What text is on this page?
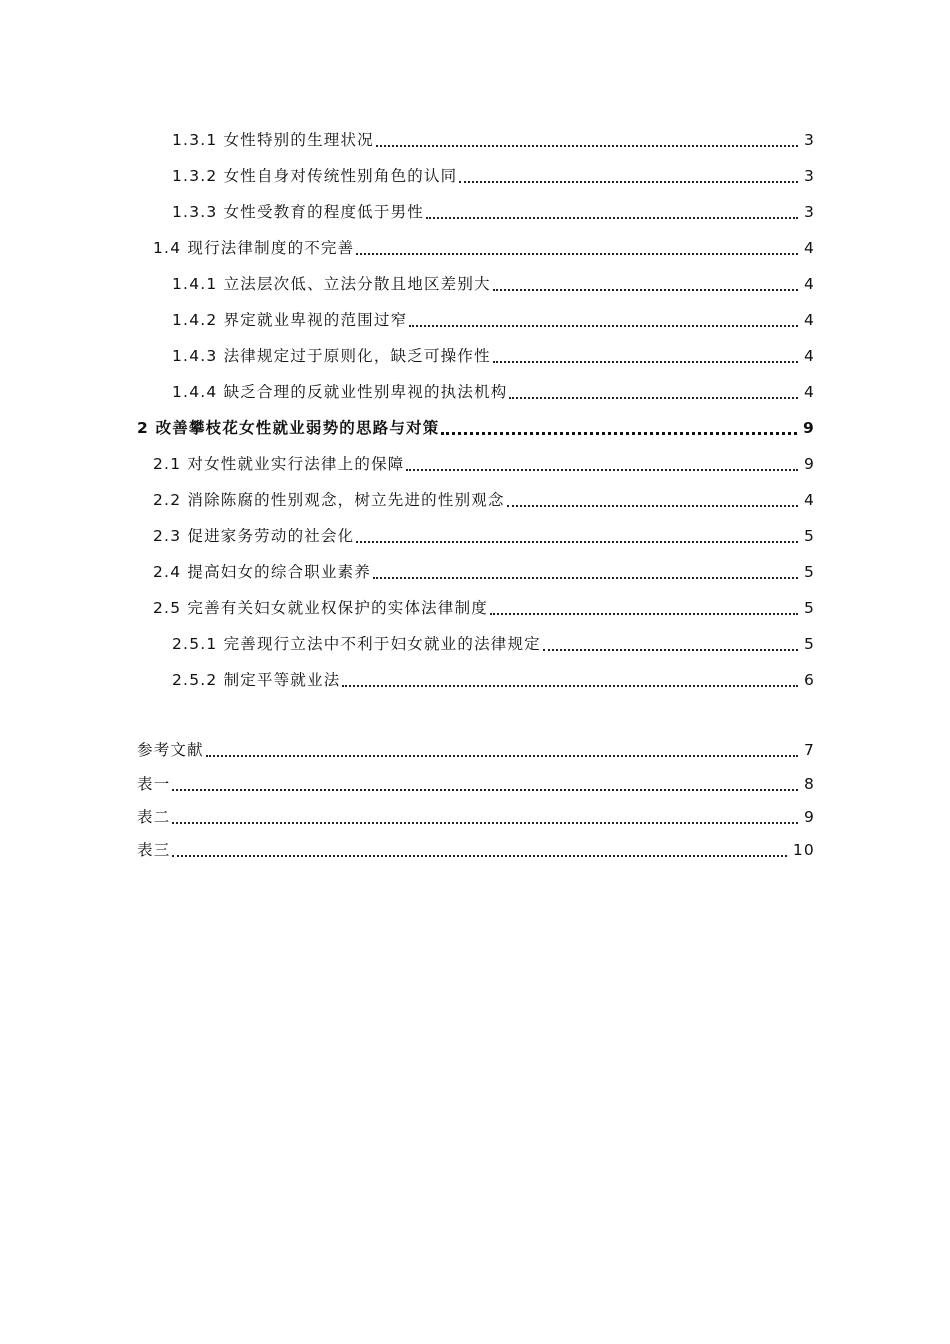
1.3.1 女性特别的生理状况	3
1.3.2 女性自身对传统性别角色的认同	3
1.3.3 女性受教育的程度低于男性	3
1.4 现行法律制度的不完善	4
1.4.1 立法层次低、立法分散且地区差别大	4
1.4.2 界定就业卑视的范围过窄	4
1.4.3 法律规定过于原则化，缺乏可操作性	4
1.4.4 缺乏合理的反就业性别卑视的执法机构	4
2 改善攀枝花女性就业弱势的思路与对策	9
2.1 对女性就业实行法律上的保障	9
2.2 消除陈腐的性别观念，树立先进的性别观念	4
2.3 促进家务劳动的社会化	5
2.4 提高妇女的综合职业素养	5
2.5 完善有关妇女就业权保护的实体法律制度	5
2.5.1 完善现行立法中不利于妇女就业的法律规定	5
2.5.2 制定平等就业法	6
参考文献	7
表一	8
表二	9
表三	10
